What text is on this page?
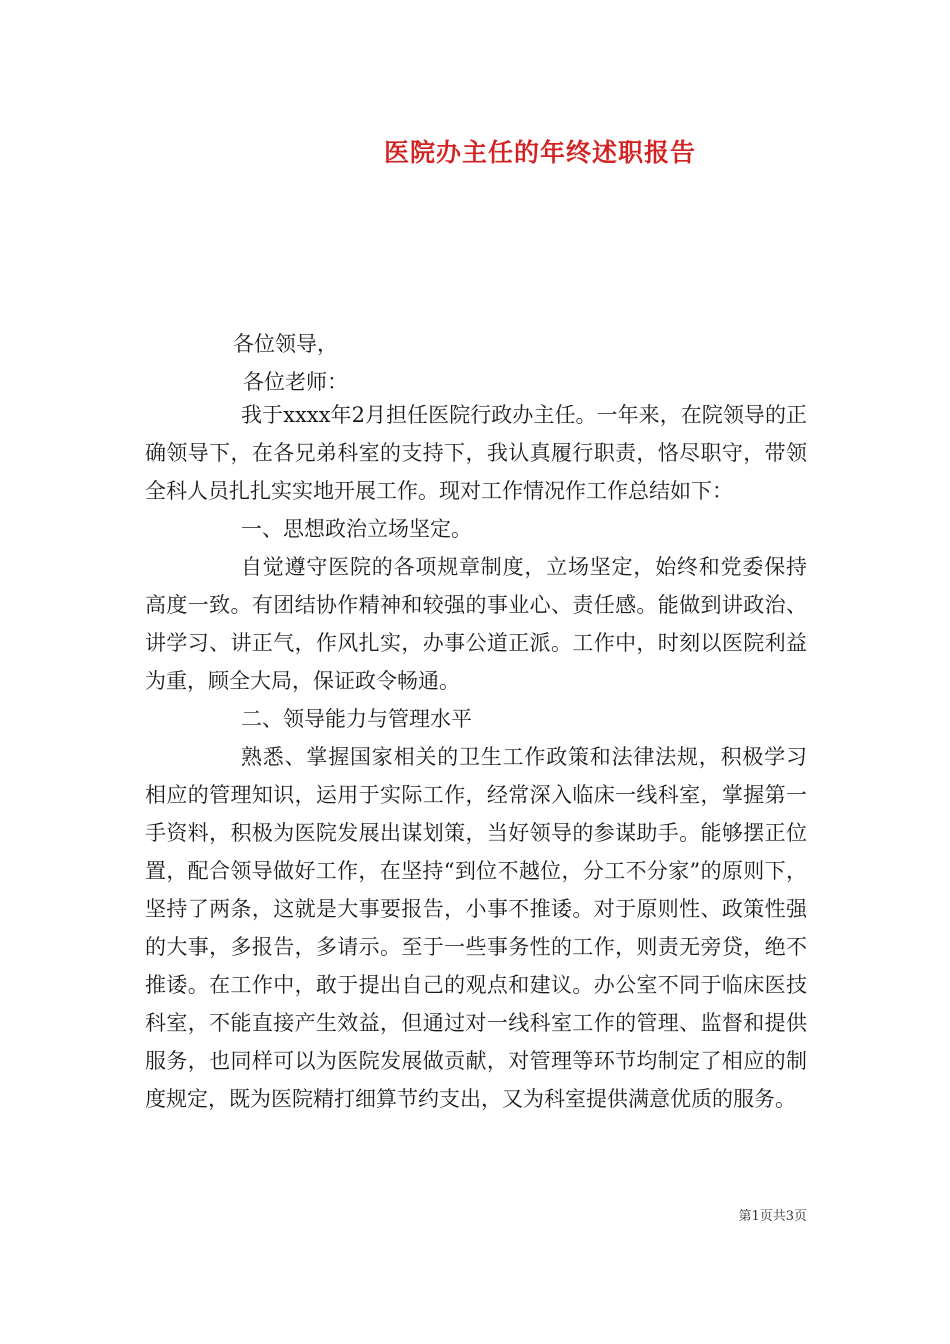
医院办主任的年终述职报告
各位领导，
各位老师：

我于xxxx年2月担任医院行政办主任。一年来，在院领导的正确领导下，在各兄弟科室的支持下，我认真履行职责，恪尽职守，带领全科人员扎扎实实地开展工作。现对工作情况作工作总结如下：

一、思想政治立场坚定。

自觉遵守医院的各项规章制度，立场坚定，始终和党委保持高度一致。有团结协作精神和较强的事业心、责任感。能做到讲政治、讲学习、讲正气，作风扎实，办事公道正派。工作中，时刻以医院利益为重，顾全大局，保证政令畅通。

二、领导能力与管理水平

熟悉、掌握国家相关的卫生工作政策和法律法规，积极学习相应的管理知识，运用于实际工作，经常深入临床一线科室，掌握第一手资料，积极为医院发展出谋划策，当好领导的参谋助手。能够摆正位置，配合领导做好工作，在坚持“到位不越位，分工不分家”的原则下，坚持了两条，这就是大事要报告，小事不推诿。对于原则性、政策性强的大事，多报告，多请示。至于一些事务性的工作，则责无旁贷，绝不推诿。在工作中，敢于提出自己的观点和建议。办公室不同于临床医技科室，不能直接产生效益，但通过对一线科室工作的管理、监督和提供服务，也同样可以为医院发展做贡献，对管理等环节均制定了相应的制度规定，既为医院精打细算节约支出，又为科室提供满意优质的服务。

第1页共3页
